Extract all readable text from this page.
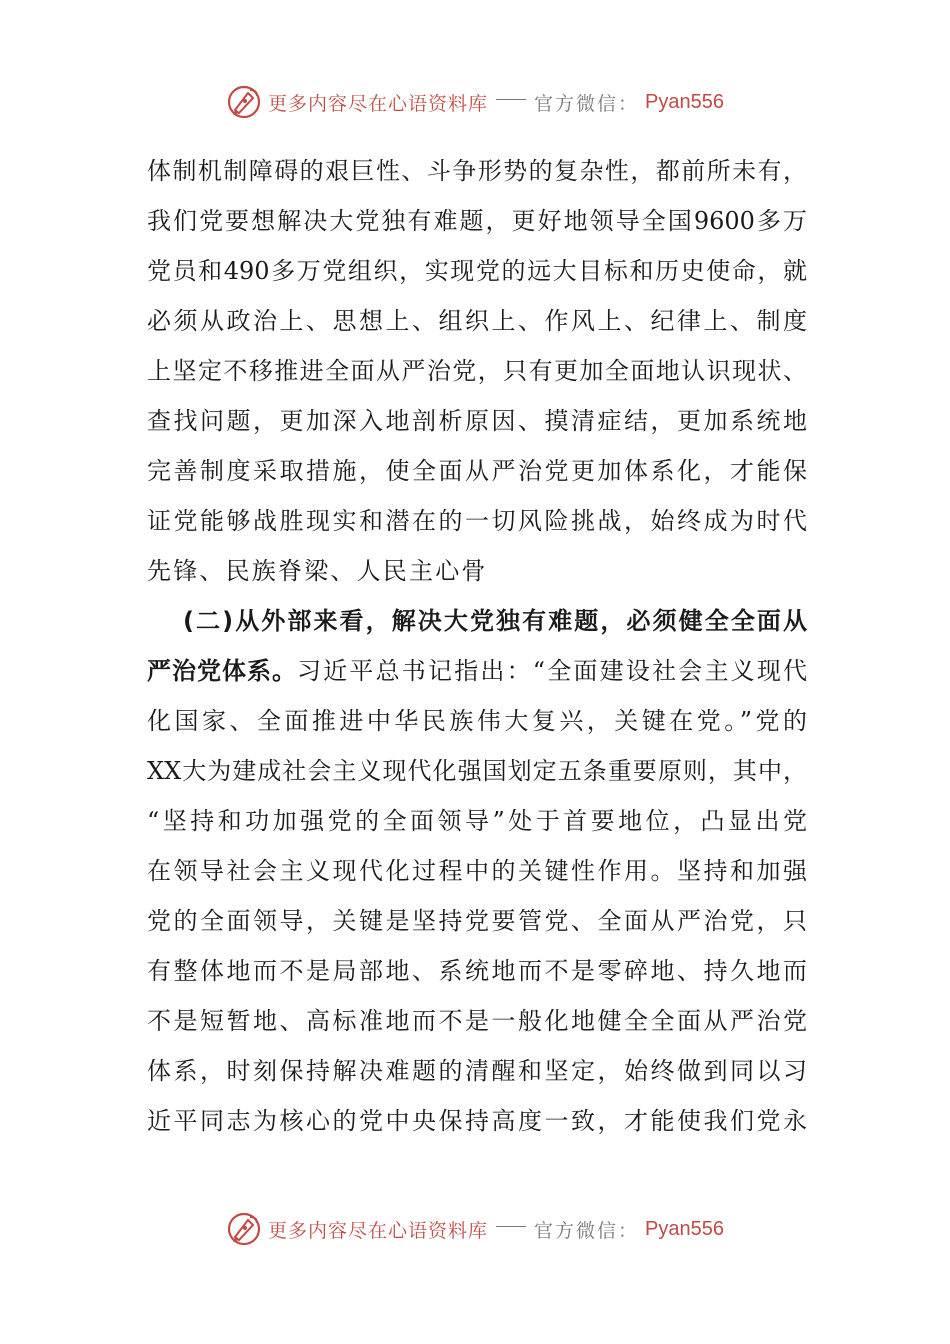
更多内容尽在心语资料库 官方微信： Pyan556
体制机制障碍的艰巨性、斗争形势的复杂性，都前所未有，
我们党要想解决大党独有难题，更好地领导全国9600多万
党员和490多万党组织，实现党的远大目标和历史使命，就
必须从政治上、思想上、组织上、作风上、纪律上、制度
上坚定不移推进全面从严治党，只有更加全面地认识现状、
查找问题，更加深入地剖析原因、摸清症结，更加系统地
完善制度采取措施，使全面从严治党更加体系化，才能保
证党能够战胜现实和潜在的一切风险挑战，始终成为时代
先锋、民族脊梁、人民主心骨
(二)从外部来看，解决大党独有难题，必须健全全面从
严治党体系。习近平总书记指出：“全面建设社会主义现代
化国家、全面推进中华民族伟大复兴，关键在党。”党的
XX大为建成社会主义现代化强国划定五条重要原则，其中，
“坚持和功加强党的全面领导”处于首要地位，凸显出党
在领导社会主义现代化过程中的关键性作用。坚持和加强
党的全面领导，关键是坚持党要管党、全面从严治党，只
有整体地而不是局部地、系统地而不是零碎地、持久地而
不是短暂地、高标准地而不是一般化地健全全面从严治党
体系，时刻保持解决难题的清醒和坚定，始终做到同以习
近平同志为核心的党中央保持高度一致，才能使我们党永
更多内容尽在心语资料库 官方微信： Pyan556
